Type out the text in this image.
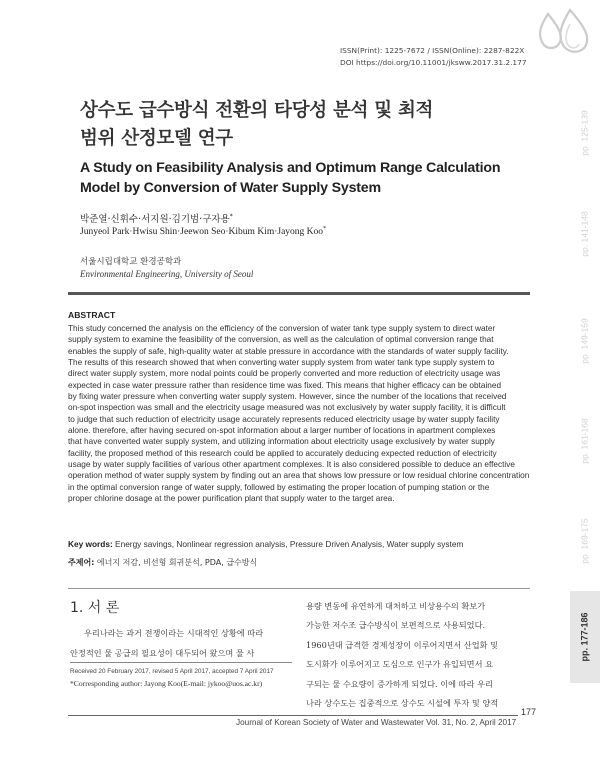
ISSN(Print): 1225-7672 / ISSN(Online): 2287-822X
DOI https://doi.org/10.11001/jksww.2017.31.2.177
상수도 급수방식 전환의 타당성 분석 및 최적
범위 산정모델 연구
A Study on Feasibility Analysis and Optimum Range Calculation
Model by Conversion of Water Supply System
박준열·신휘수·서지원·김기범·구자용*
Junyeol Park·Hwisu Shin·Jeewon Seo·Kibum Kim·Jayong Koo*
서울시립대학교 환경공학과
Environmental Engineering, University of Seoul
ABSTRACT
This study concerned the analysis on the efficiency of the conversion of water tank type supply system to direct water
supply system to examine the feasibility of the conversion, as well as the calculation of optimal conversion range that
enables the supply of safe, high-quality water at stable pressure in accordance with the standards of water supply facility.
The results of this research showed that when converting water supply system from water tank type supply system to
direct water supply system, more nodal points could be properly converted and more reduction of electricity usage was
expected in case water pressure rather than residence time was fixed. This means that higher efficacy can be obtained
by fixing water pressure when converting water supply system. However, since the number of the locations that received
on-spot inspection was small and the electricity usage measured was not exclusively by water supply facility, it is difficult
to judge that such reduction of electricity usage accurately represents reduced electricity usage by water supply facility
alone. therefore, after having secured on-spot information about a larger number of locations in apartment complexes
that have converted water supply system, and utilizing information about electricity usage exclusively by water supply
facility, the proposed method of this research could be applied to accurately deducing expected reduction of electricity
usage by water supply facilities of various other apartment complexes. It is also considered possible to deduce an effective
operation method of water supply system by finding out an area that shows low pressure or low residual chlorine concentration
in the optimal conversion range of water supply, followed by estimating the proper location of pumping station or the
proper chlorine dosage at the power purification plant that supply water to the target area.
Key words: Energy savings, Nonlinear regression analysis, Pressure Driven Analysis, Water supply system
주제어: 에너지 저감, 비선형 회귀분석, PDA, 급수방식
1. 서 론
우리나라는 과거 전쟁이라는 시대적인 상황에 따라
안정적인 물 공급의 필요성이 대두되어 왔으며 물 사
용량 변동에 유연하게 대처하고 비상용수의 확보가
가능한 저수조 급수방식이 보편적으로 사용되었다.
1960년대 급격한 경제성장이 이루어지면서 산업화 및
도시화가 이루어지고 도심으로 인구가 유입되면서 요
구되는 물 수요량이 증가하게 되었다. 이에 따라 우리
나라 상수도는 집중적으로 상수도 시설에 투자 및 양적
Received 20 February 2017, revised 5 April 2017, accepted 7 April 2017
*Corresponding author: Jayong Koo(E-mail: jykoo@uos.ac.kr)
177
Journal of Korean Society of Water and Wastewater Vol. 31, No. 2, April 2017
pp. 125-139
pp. 141-148
pp. 149-159
pp. 161-168
pp. 169-175
pp. 177-186
